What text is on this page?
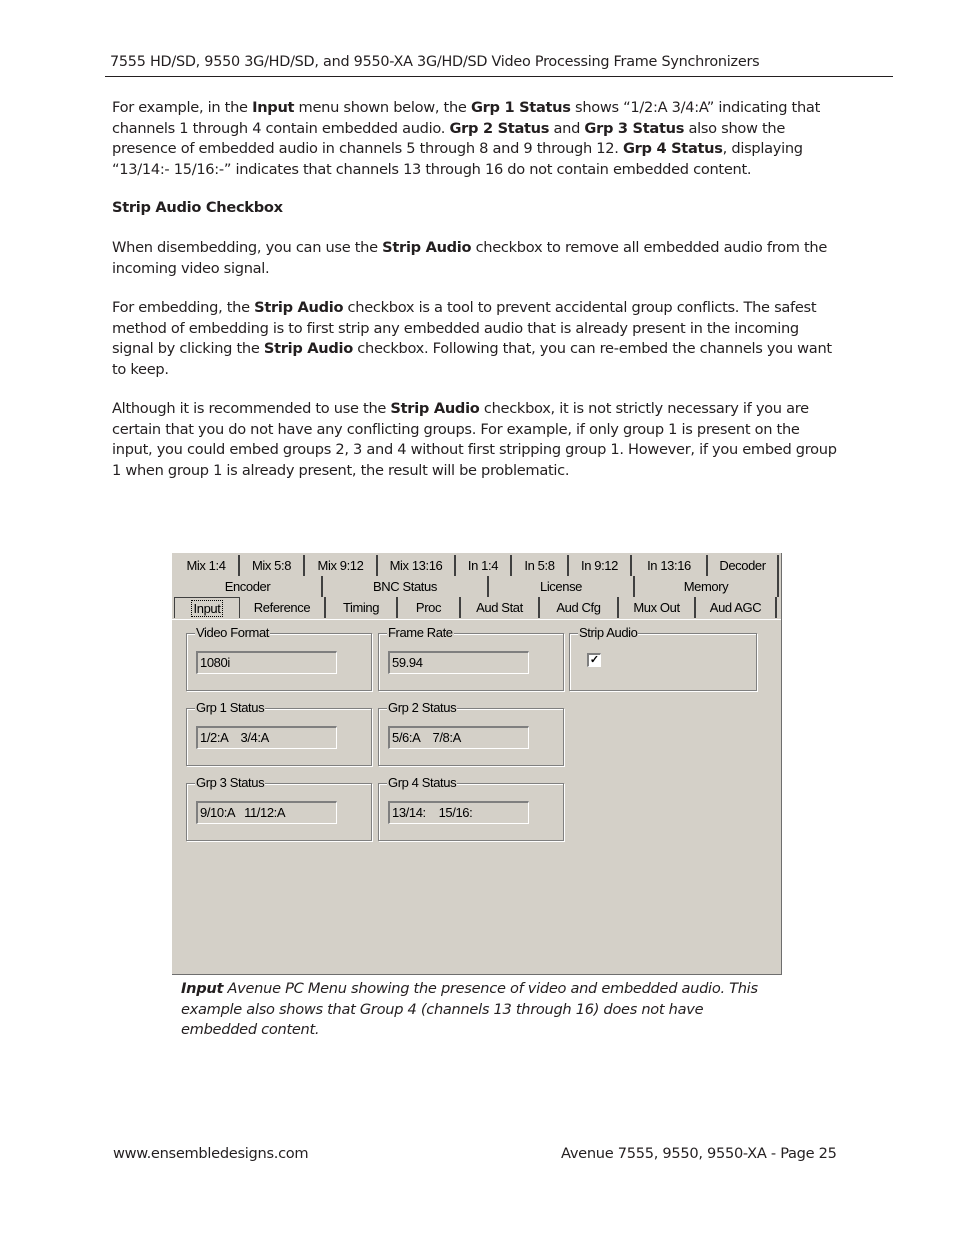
7555 HD/SD, 9550 3G/HD/SD, and 9550-XA 3G/HD/SD Video Processing Frame Synchronizers

For example, in the Input menu shown below, the Grp 1 Status shows “1/2:A 3/4:A” indicating that channels 1 through 4 contain embedded audio. Grp 2 Status and Grp 3 Status also show the presence of embedded audio in channels 5 through 8 and 9 through 12. Grp 4 Status, displaying “13/14:- 15/16:-” indicates that channels 13 through 16 do not contain embedded content.

Strip Audio Checkbox

When disembedding, you can use the Strip Audio checkbox to remove all embedded audio from the incoming video signal.

For embedding, the Strip Audio checkbox is a tool to prevent accidental group conflicts. The safest method of embedding is to first strip any embedded audio that is already present in the incoming signal by clicking the Strip Audio checkbox. Following that, you can re-embed the channels you want to keep.

Although it is recommended to use the Strip Audio checkbox, it is not strictly necessary if you are certain that you do not have any conflicting groups. For example, if only group 1 is present on the input, you could embed groups 2, 3 and 4 without first stripping group 1. However, if you embed group 1 when group 1 is already present, the result will be problematic.

Mix 1:4	Mix 5:8	Mix 9:12	Mix 13:16	In 1:4	In 5:8	In 9:12	In 13:16	Decoder
Encoder	BNC Status	License	Memory
Input	Reference	Timing	Proc	Aud Stat	Aud Cfg	Mux Out	Aud AGC
Video Format
1080i
Frame Rate
59.94
Strip Audio
✓
Grp 1 Status
1/2:A    3/4:A
Grp 2 Status
5/6:A    7/8:A
Grp 3 Status
9/10:A   11/12:A
Grp 4 Status
13/14:    15/16:

Input Avenue PC Menu showing the presence of video and embedded audio. This example also shows that Group 4 (channels 13 through 16) does not have embedded content.

www.ensembledesigns.com	Avenue 7555, 9550, 9550-XA - Page 25
